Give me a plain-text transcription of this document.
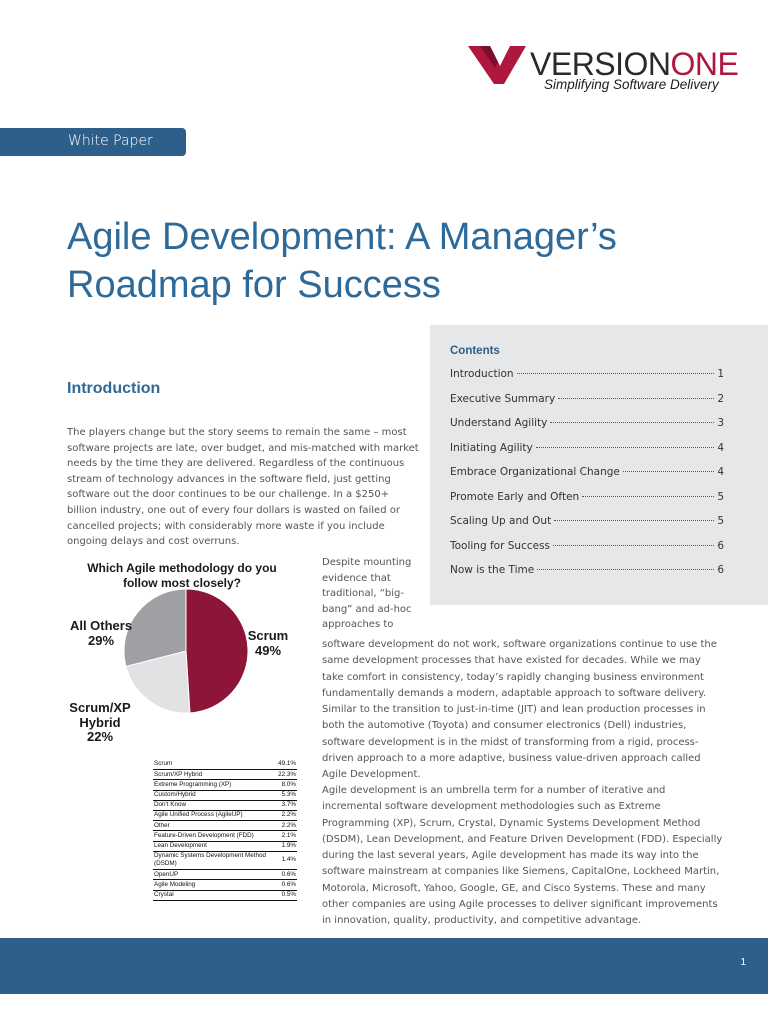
VERSIONONE
Simplifying Software Delivery
White Paper
Agile Development: A Manager’s
Roadmap for Success
Contents
Introduction	1
Executive Summary	2
Understand Agility	3
Initiating Agility	4
Embrace Organizational Change	4
Promote Early and Often	5
Scaling Up and Out	5
Tooling for Success	6
Now is the Time	6
Introduction

The players change but the story seems to remain the same – most software projects are late, over budget, and mis-matched with market needs by the time they are delivered. Regardless of the continuous stream of technology advances in the software field, just getting software out the door continues to be our challenge. In a $250+ billion industry, one out of every four dollars is wasted on failed or cancelled projects; with considerably more waste if you include ongoing delays and cost overruns.

Which Agile methodology do you follow most closely?
All Others
29%	Scrum
49%
Scrum/XP
Hybrid
22%
Scrum	49.1%
Scrum/XP Hybrid	22.3%
Extreme Programming (XP)	8.0%
Custom/Hybrid	5.3%
Don't Know	3.7%
Agile Unified Process (AgileUP)	2.2%
Other	2.2%
Feature-Driven Development (FDD)	2.1%
Lean Development	1.9%
Dynamic Systems Development Method (DSDM)	1.4%
OpenUP	0.6%
Agile Modeling	0.6%
Crystal	0.5%

Despite mounting evidence that traditional, “big-bang” and ad-hoc approaches to

software development do not work, software organizations continue to use the same development processes that have existed for decades. While we may take comfort in consistency, today’s rapidly changing business environment fundamentally demands a modern, adaptable approach to software delivery. Similar to the transition to just-in-time (JIT) and lean production processes in both the automotive (Toyota) and consumer electronics (Dell) industries, software development is in the midst of transforming from a rigid, process-driven approach to a more adaptive, business value-driven approach called Agile Development.

Agile development is an umbrella term for a number of iterative and incremental software development methodologies such as Extreme Programming (XP), Scrum, Crystal, Dynamic Systems Development Method (DSDM), Lean Development, and Feature Driven Development (FDD). Especially during the last several years, Agile development has made its way into the software mainstream at companies like Siemens, CapitalOne, Lockheed Martin, Motorola, Microsoft, Yahoo, Google, GE, and Cisco Systems. These and many other companies are using Agile processes to deliver significant improvements in innovation, quality, productivity, and competitive advantage.

1
